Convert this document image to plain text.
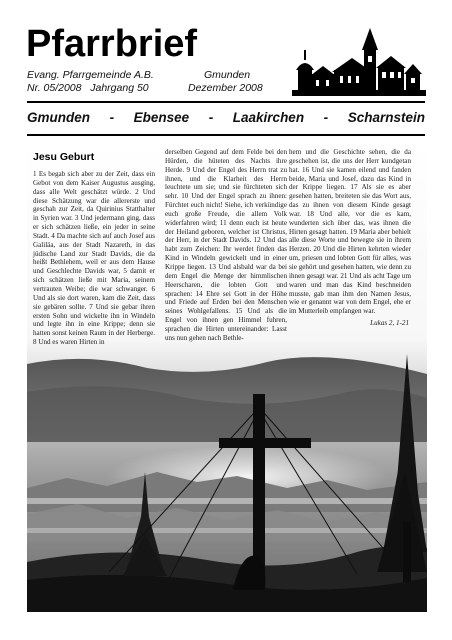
Pfarrbrief
Evang. Pfarrgemeinde A.B.
Nr. 05/2008 Jahrgang 50
Gmunden
Dezember 2008
Gmunden - Ebensee - Laakirchen - Scharnstein
Jesu Geburt
1 Es begab sich aber zu der Zeit, dass ein Gebot von dem Kaiser Augustus ausging, dass alle Welt geschätzt würde. 2 Und diese Schätzung war die allererste und geschah zur Zeit, da Quirinius Statthalter in Syrien war. 3 Und jedermann ging, dass er sich schätzen ließe, ein jeder in seine Stadt. 4 Da machte sich auf auch Josef aus Galiläa, aus der Stadt Nazareth, in das jüdische Land zur Stadt Davids, die da heißt Bethlehem, weil er aus dem Hause und Geschlechte Davids war, 5 damit er sich schätzen ließe mit Maria, seinem vertrauten Weibe; die war schwanger. 6 Und als sie dort waren, kam die Zeit, dass sie gebären sollte. 7 Und sie gebar ihren ersten Sohn und wickelte ihn in Windeln und legte ihn in eine Krippe; denn sie hatten sonst keinen Raum in der Herberge. 8 Und es waren Hirten in
derselben Gegend auf dem Felde bei den Hürden, die hüteten des Nachts ihre Herde. 9 Und der Engel des Herrn trat zu ihnen, und die Klarheit des Herrn leuchtete um sie; und sie fürchteten sich sehr. 10 Und der Engel sprach zu ihnen: Fürchtet euch nicht! Siehe, ich verkündige euch große Freude, die allem Volk widerfahren wird; 11 denn euch ist heute der Heiland geboren, welcher ist Christus, der Herr, in der Stadt Davids. 12 Und das habt zum Zeichen: Ihr werdet finden das Kind in Windeln gewickelt und in einer Krippe liegen. 13 Und alsbald war da bei dem Engel die Menge der himmlischen Heerscharen, die lobten Gott und sprachen: 14 Ehre sei Gott in der Höhe und Friede auf Erden bei den Menschen seines Wohlgefallens. 15 Und als die Engel von ihnen gen Himmel fuhren, sprachen die Hirten untereinander: Lasst uns nun gehen nach Bethle-
hem und die Geschichte sehen, die da geschehen ist, die uns der Herr kundgetan hat. 16 Und sie kamen eilend und fanden beide, Maria und Josef, dazu das Kind in der Krippe liegen. 17 Als sie es aber gesehen hatten, breiteten sie das Wort aus, das zu ihnen von diesem Kinde gesagt war. 18 Und alle, vor die es kam, wunderten sich über das, was ihnen die Hirten gesagt hatten. 19 Maria aber behielt alle diese Worte und bewegte sie in ihrem Herzen. 20 Und die Hirten kehrten wieder um, priesen und lobten Gott für alles, was sie gehört und gesehen hatten, wie denn zu ihnen gesagt war. 21 Und als acht Tage um waren und man das Kind beschneiden musste, gab man ihm den Namen Jesus, wie er genannt war von dem Engel, ehe er im Mutterleib empfangen war.
Lukas 2, 1-21
